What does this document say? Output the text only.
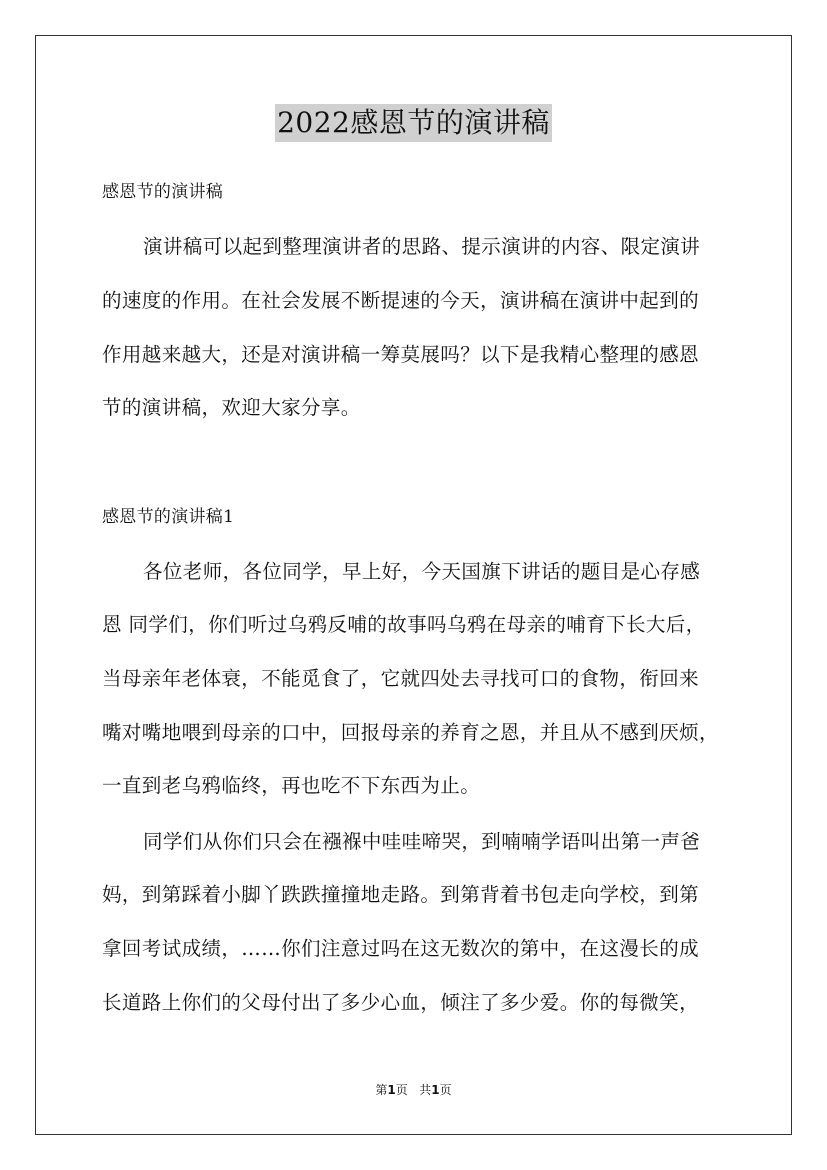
2022感恩节的演讲稿
感恩节的演讲稿
演讲稿可以起到整理演讲者的思路、提示演讲的内容、限定演讲
的速度的作用。在社会发展不断提速的今天，演讲稿在演讲中起到的
作用越来越大，还是对演讲稿一筹莫展吗？以下是我精心整理的感恩
节的演讲稿，欢迎大家分享。
感恩节的演讲稿1
各位老师，各位同学，早上好，今天国旗下讲话的题目是心存感
恩 同学们，你们听过乌鸦反哺的故事吗乌鸦在母亲的哺育下长大后，
当母亲年老体衰，不能觅食了，它就四处去寻找可口的食物，衔回来
嘴对嘴地喂到母亲的口中，回报母亲的养育之恩，并且从不感到厌烦，
一直到老乌鸦临终，再也吃不下东西为止。
同学们从你们只会在襁褓中哇哇啼哭，到喃喃学语叫出第一声爸
妈，到第踩着小脚丫跌跌撞撞地走路。到第背着书包走向学校，到第
拿回考试成绩，……你们注意过吗在这无数次的第中，在这漫长的成
长道路上你们的父母付出了多少心血，倾注了多少爱。你的每微笑，
第1页 共1页
